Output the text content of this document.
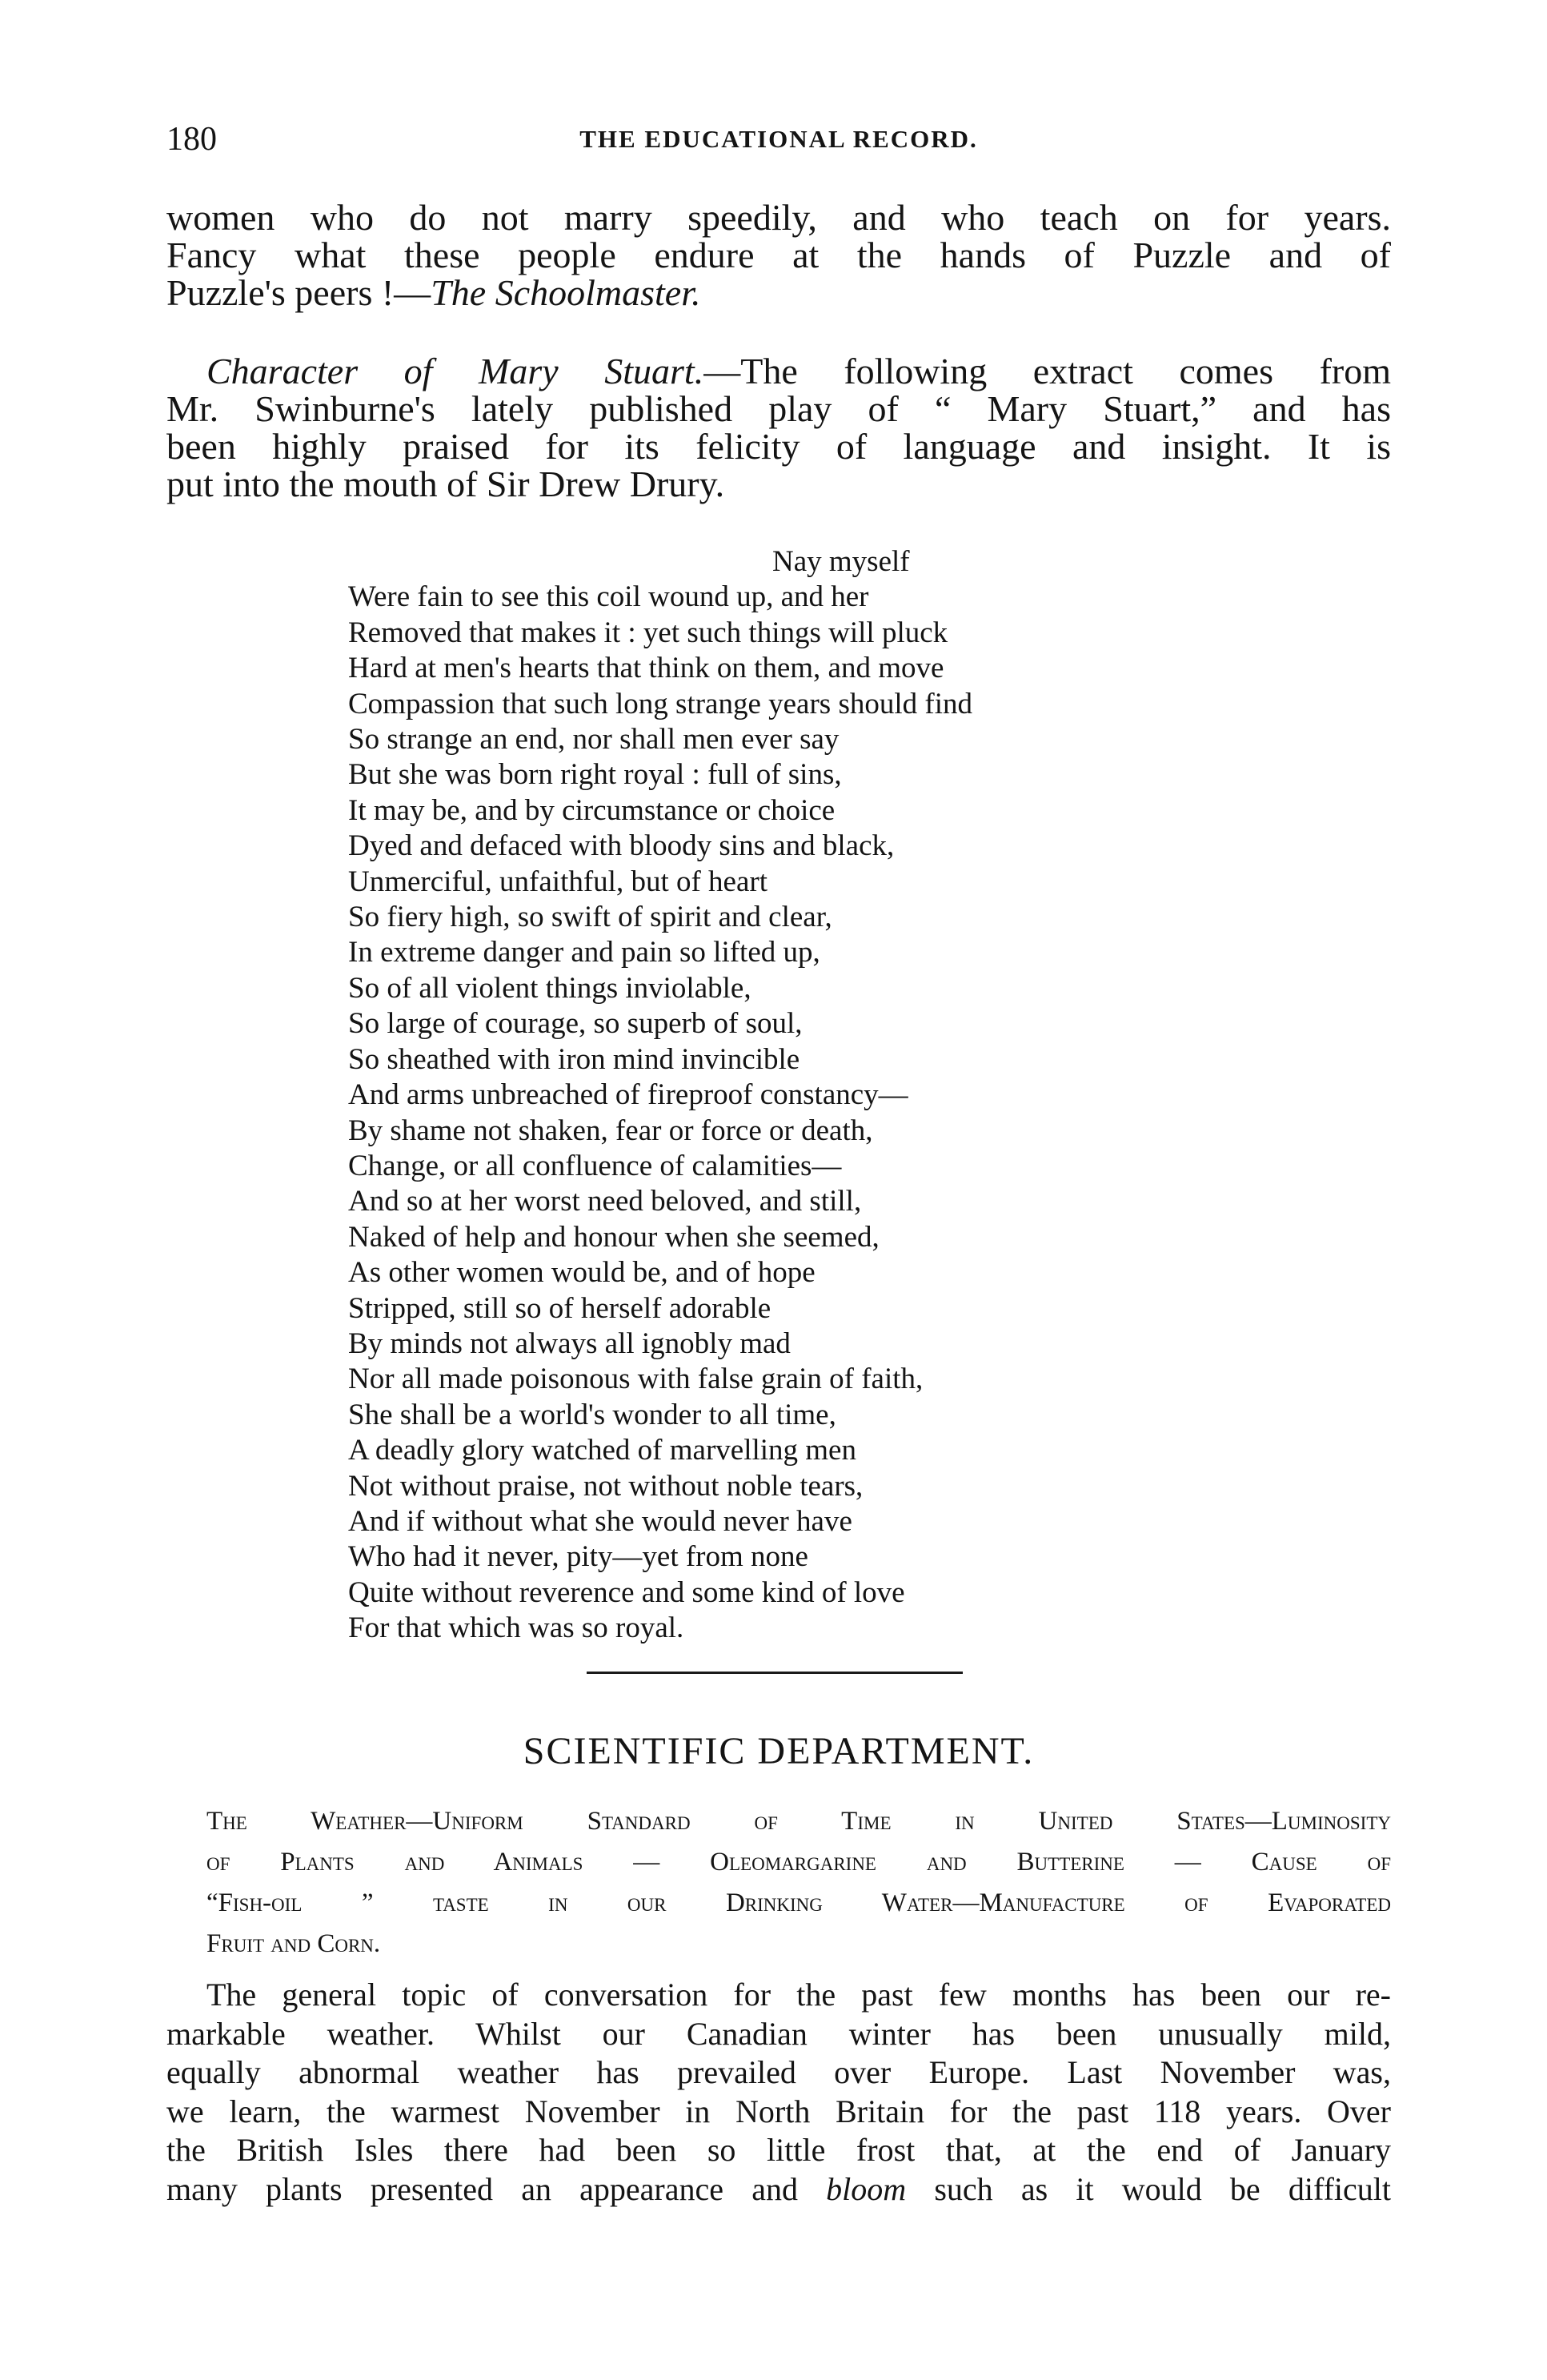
180	THE EDUCATIONAL RECORD.
women who do not marry speedily, and who teach on for years.
Fancy what these people endure at the hands of Puzzle and of
Puzzle's peers !—The Schoolmaster.
Character of Mary Stuart.—The following extract comes from
Mr. Swinburne's lately published play of “ Mary Stuart,” and has
been highly praised for its felicity of language and insight. It is
put into the mouth of Sir Drew Drury.
Nay myself
Were fain to see this coil wound up, and her
Removed that makes it : yet such things will pluck
Hard at men's hearts that think on them, and move
Compassion that such long strange years should find
So strange an end, nor shall men ever say
But she was born right royal : full of sins,
It may be, and by circumstance or choice
Dyed and defaced with bloody sins and black,
Unmerciful, unfaithful, but of heart
So fiery high, so swift of spirit and clear,
In extreme danger and pain so lifted up,
So of all violent things inviolable,
So large of courage, so superb of soul,
So sheathed with iron mind invincible
And arms unbreached of fireproof constancy—
By shame not shaken, fear or force or death,
Change, or all confluence of calamities—
And so at her worst need beloved, and still,
Naked of help and honour when she seemed,
As other women would be, and of hope
Stripped, still so of herself adorable
By minds not always all ignobly mad
Nor all made poisonous with false grain of faith,
She shall be a world's wonder to all time,
A deadly glory watched of marvelling men
Not without praise, not without noble tears,
And if without what she would never have
Who had it never, pity—yet from none
Quite without reverence and some kind of love
For that which was so royal.
SCIENTIFIC DEPARTMENT.
The Weather—Uniform Standard of Time in United States—Luminosity
of Plants and Animals — Oleomargarine and Butterine — Cause of
“Fish-oil ” taste in our Drinking Water—Manufacture of Evaporated
Fruit and Corn.
The general topic of conversation for the past few months has been our re-
markable weather. Whilst our Canadian winter has been unusually mild,
equally abnormal weather has prevailed over Europe. Last November was,
we learn, the warmest November in North Britain for the past 118 years. Over
the British Isles there had been so little frost that, at the end of January
many plants presented an appearance and bloom such as it would be difficult
